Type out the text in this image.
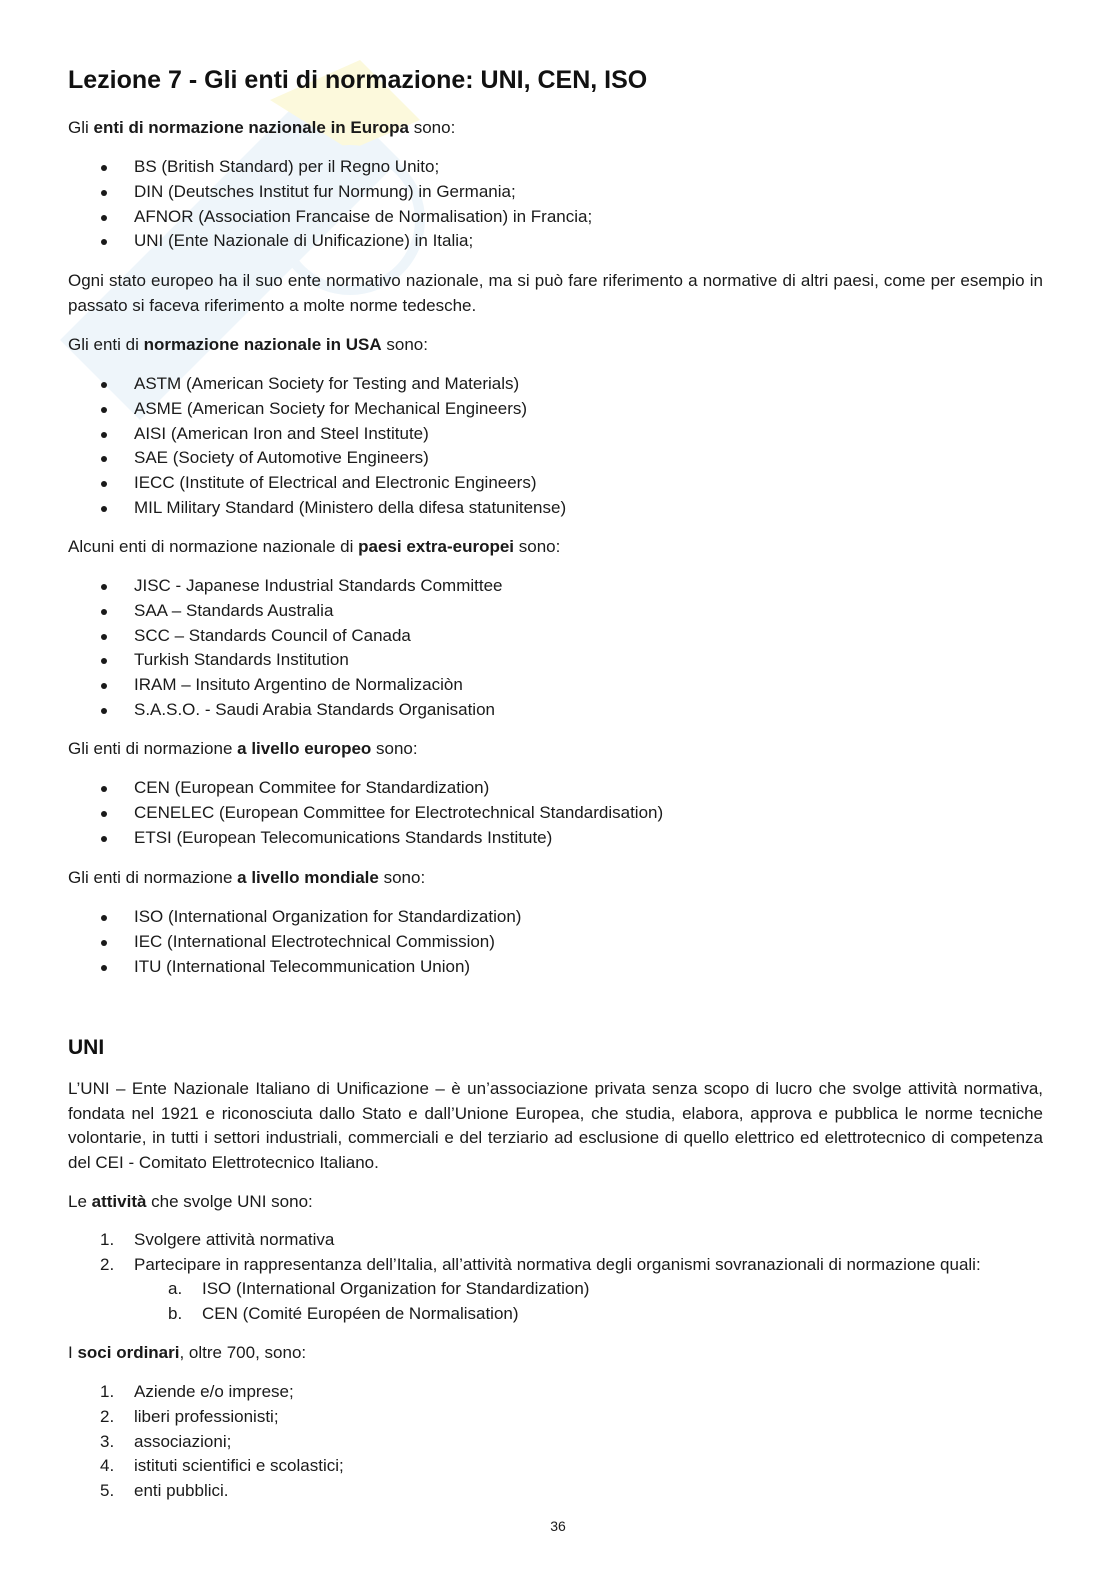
Lezione 7 - Gli enti di normazione: UNI, CEN, ISO

Gli enti di normazione nazionale in Europa sono:

BS (British Standard) per il Regno Unito;
DIN (Deutsches Institut fur Normung) in Germania;
AFNOR (Association Francaise de Normalisation) in Francia;
UNI (Ente Nazionale di Unificazione) in Italia;

Ogni stato europeo ha il suo ente normativo nazionale, ma si può fare riferimento a normative di altri paesi, come per esempio in passato si faceva riferimento a molte norme tedesche.

Gli enti di normazione nazionale in USA sono:

ASTM (American Society for Testing and Materials)
ASME (American Society for Mechanical Engineers)
AISI (American Iron and Steel Institute)
SAE (Society of Automotive Engineers)
IECC (Institute of Electrical and Electronic Engineers)
MIL Military Standard (Ministero della difesa statunitense)

Alcuni enti di normazione nazionale di paesi extra-europei sono:

JISC - Japanese Industrial Standards Committee
SAA – Standards Australia
SCC – Standards Council of Canada
Turkish Standards Institution
IRAM – Insituto Argentino de Normalizaciòn
S.A.S.O. - Saudi Arabia Standards Organisation

Gli enti di normazione a livello europeo sono:

CEN (European Commitee for Standardization)
CENELEC (European Committee for Electrotechnical Standardisation)
ETSI (European Telecomunications Standards Institute)

Gli enti di normazione a livello mondiale sono:

ISO (International Organization for Standardization)
IEC (International Electrotechnical Commission)
ITU (International Telecommunication Union)
UNI

L’UNI – Ente Nazionale Italiano di Unificazione – è un’associazione privata senza scopo di lucro che svolge attività normativa, fondata nel 1921 e riconosciuta dallo Stato e dall’Unione Europea, che studia, elabora, approva e pubblica le norme tecniche volontarie, in tutti i settori industriali, commerciali e del terziario ad esclusione di quello elettrico ed elettrotecnico di competenza del CEI - Comitato Elettrotecnico Italiano.

Le attività che svolge UNI sono:

1. Svolgere attività normativa
2. Partecipare in rappresentanza dell’Italia, all’attività normativa degli organismi sovranazionali di normazione quali:
a. ISO (International Organization for Standardization)
b. CEN (Comité Européen de Normalisation)

I soci ordinari, oltre 700, sono:

1. Aziende e/o imprese;
2. liberi professionisti;
3. associazioni;
4. istituti scientifici e scolastici;
5. enti pubblici.
36
